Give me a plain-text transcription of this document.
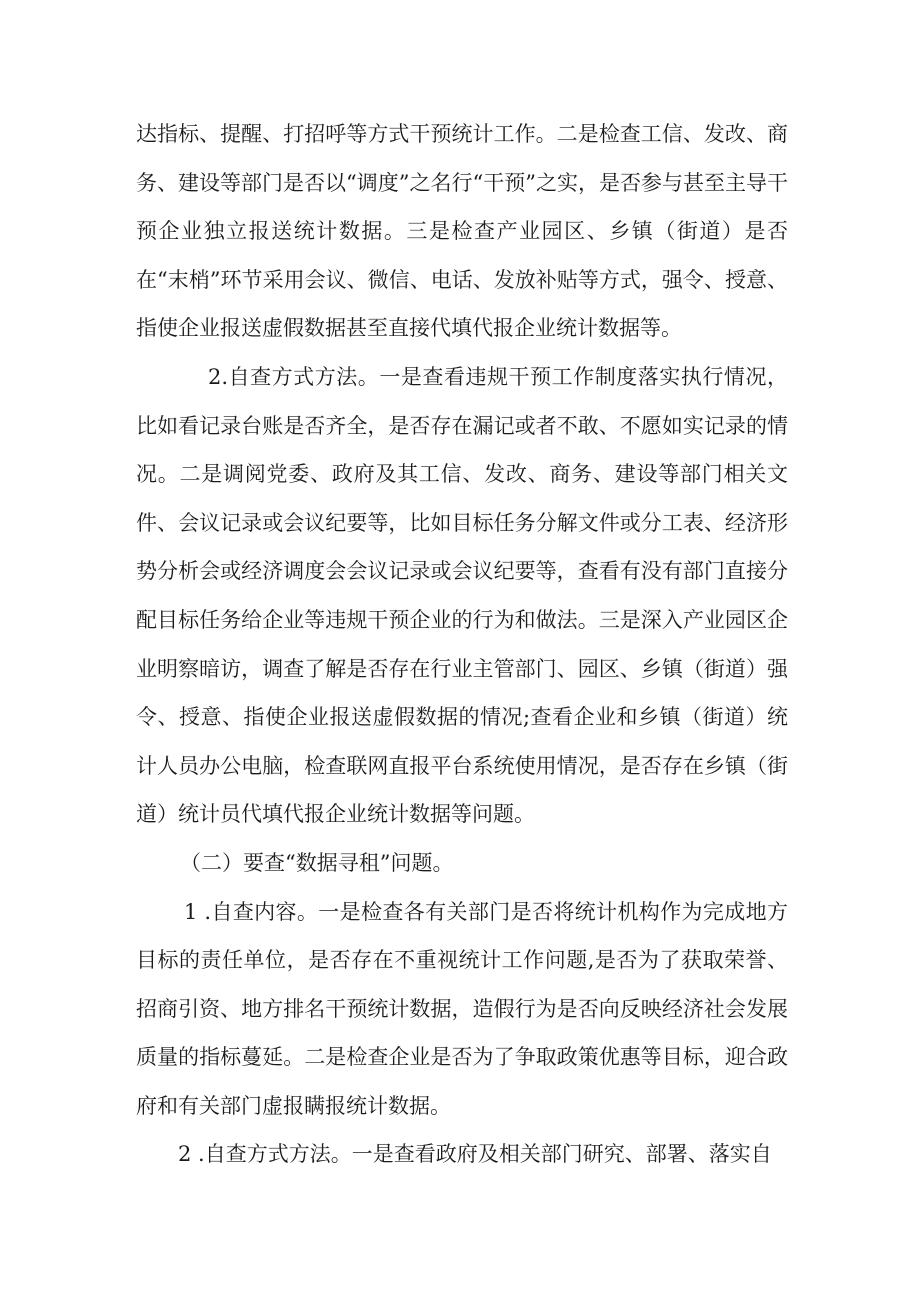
达指标、提醒、打招呼等方式干预统计工作。二是检查工信、发改、商务、建设等部门是否以“调度”之名行“干预”之实，是否参与甚至主导干预企业独立报送统计数据。三是检查产业园区、乡镇（街道）是否在“末梢”环节采用会议、微信、电话、发放补贴等方式，强令、授意、指使企业报送虚假数据甚至直接代填代报企业统计数据等。

2.自查方式方法。一是查看违规干预工作制度落实执行情况，比如看记录台账是否齐全，是否存在漏记或者不敢、不愿如实记录的情况。二是调阅党委、政府及其工信、发改、商务、建设等部门相关文件、会议记录或会议纪要等，比如目标任务分解文件或分工表、经济形势分析会或经济调度会会议记录或会议纪要等，查看有没有部门直接分配目标任务给企业等违规干预企业的行为和做法。三是深入产业园区企业明察暗访，调查了解是否存在行业主管部门、园区、乡镇（街道）强令、授意、指使企业报送虚假数据的情况;查看企业和乡镇（街道）统计人员办公电脑，检查联网直报平台系统使用情况，是否存在乡镇（街道）统计员代填代报企业统计数据等问题。

（二）要查“数据寻租”问题。

1 .自查内容。一是检查各有关部门是否将统计机构作为完成地方目标的责任单位，是否存在不重视统计工作问题,是否为了获取荣誉、招商引资、地方排名干预统计数据，造假行为是否向反映经济社会发展质量的指标蔓延。二是检查企业是否为了争取政策优惠等目标，迎合政府和有关部门虚报瞒报统计数据。

2 .自查方式方法。一是查看政府及相关部门研究、部署、落实自
